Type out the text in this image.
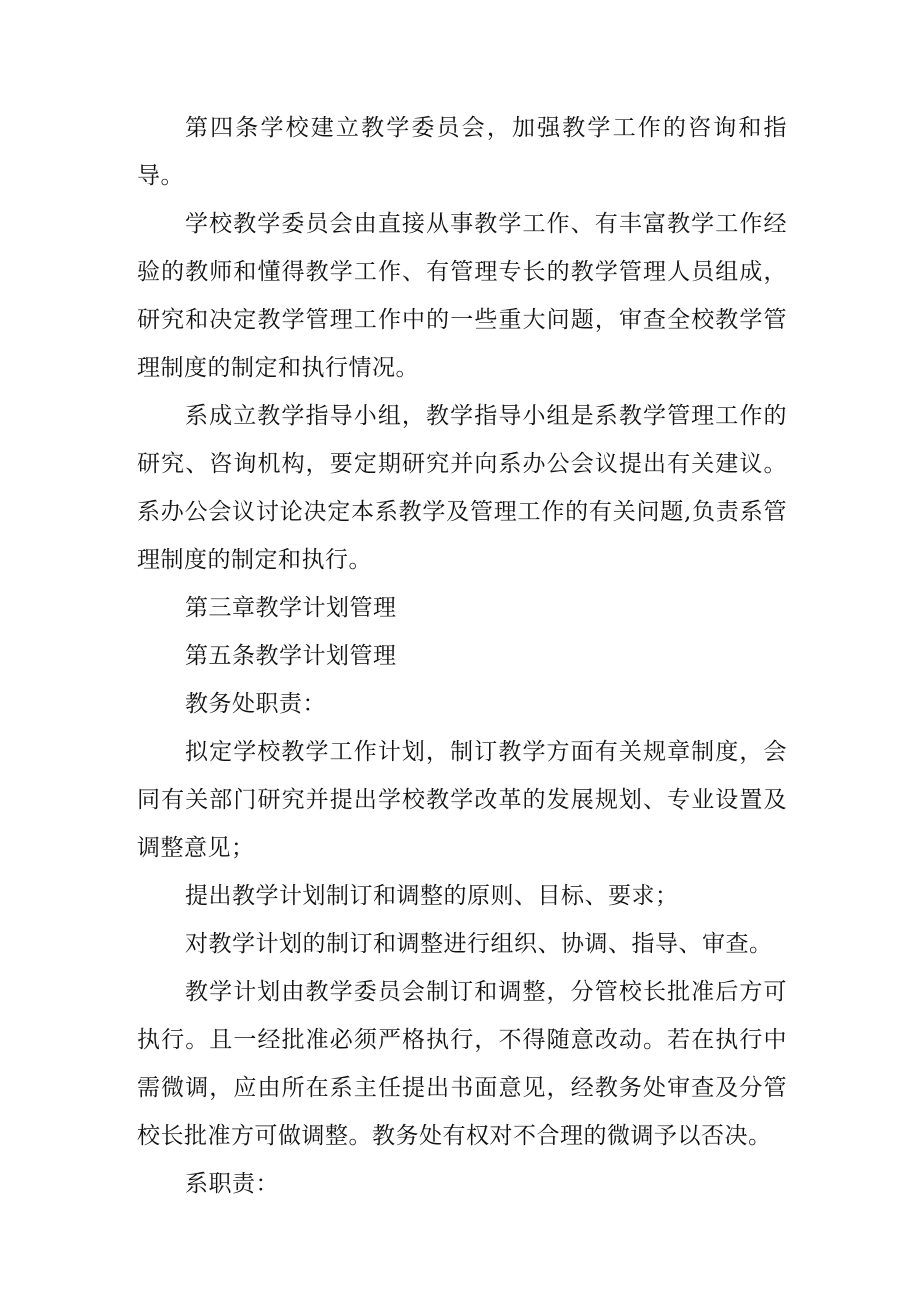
第四条学校建立教学委员会，加强教学工作的咨询和指导。

学校教学委员会由直接从事教学工作、有丰富教学工作经验的教师和懂得教学工作、有管理专长的教学管理人员组成，研究和决定教学管理工作中的一些重大问题，审查全校教学管理制度的制定和执行情况。

系成立教学指导小组，教学指导小组是系教学管理工作的研究、咨询机构，要定期研究并向系办公会议提出有关建议。系办公会议讨论决定本系教学及管理工作的有关问题,负责系管理制度的制定和执行。

第三章教学计划管理

第五条教学计划管理

教务处职责：

拟定学校教学工作计划，制订教学方面有关规章制度，会同有关部门研究并提出学校教学改革的发展规划、专业设置及调整意见；

提出教学计划制订和调整的原则、目标、要求；

对教学计划的制订和调整进行组织、协调、指导、审查。

教学计划由教学委员会制订和调整，分管校长批准后方可执行。且一经批准必须严格执行，不得随意改动。若在执行中需微调，应由所在系主任提出书面意见，经教务处审查及分管校长批准方可做调整。教务处有权对不合理的微调予以否决。

系职责：
